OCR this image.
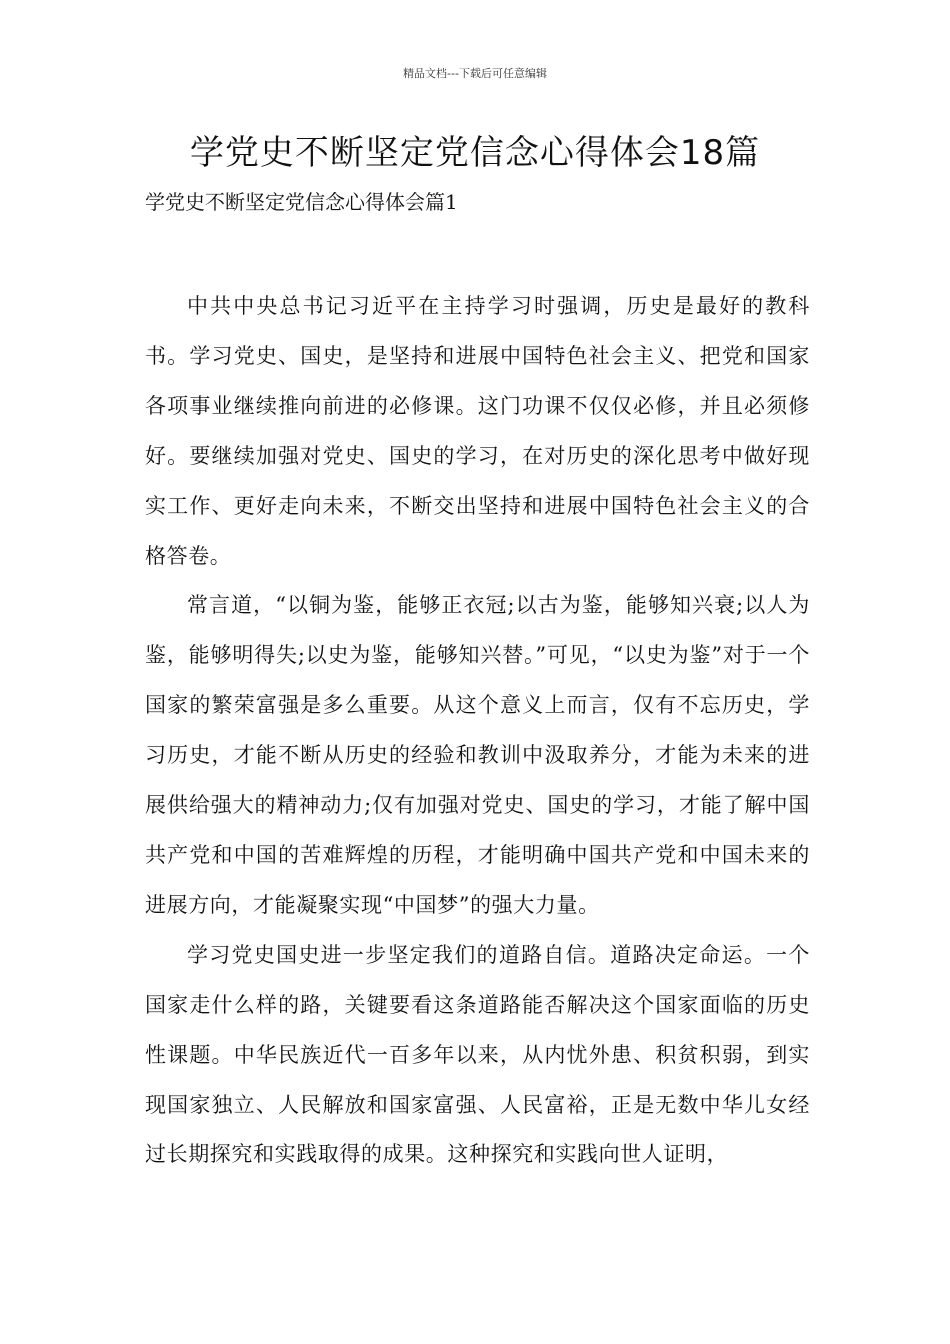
精品文档---下载后可任意编辑
学党史不断坚定党信念心得体会18篇
学党史不断坚定党信念心得体会篇1

中共中央总书记习近平在主持学习时强调，历史是最好的教科书。学习党史、国史，是坚持和进展中国特色社会主义、把党和国家各项事业继续推向前进的必修课。这门功课不仅仅必修，并且必须修好。要继续加强对党史、国史的学习，在对历史的深化思考中做好现实工作、更好走向未来，不断交出坚持和进展中国特色社会主义的合格答卷。

常言道，“以铜为鉴，能够正衣冠;以古为鉴，能够知兴衰;以人为鉴，能够明得失;以史为鉴，能够知兴替。”可见，“以史为鉴”对于一个国家的繁荣富强是多么重要。从这个意义上而言，仅有不忘历史，学习历史，才能不断从历史的经验和教训中汲取养分，才能为未来的进展供给强大的精神动力;仅有加强对党史、国史的学习，才能了解中国共产党和中国的苦难辉煌的历程，才能明确中国共产党和中国未来的进展方向，才能凝聚实现“中国梦”的强大力量。

学习党史国史进一步坚定我们的道路自信。道路决定命运。一个国家走什么样的路，关键要看这条道路能否解决这个国家面临的历史性课题。中华民族近代一百多年以来，从内忧外患、积贫积弱，到实现国家独立、人民解放和国家富强、人民富裕，正是无数中华儿女经过长期探究和实践取得的成果。这种探究和实践向世人证明，
